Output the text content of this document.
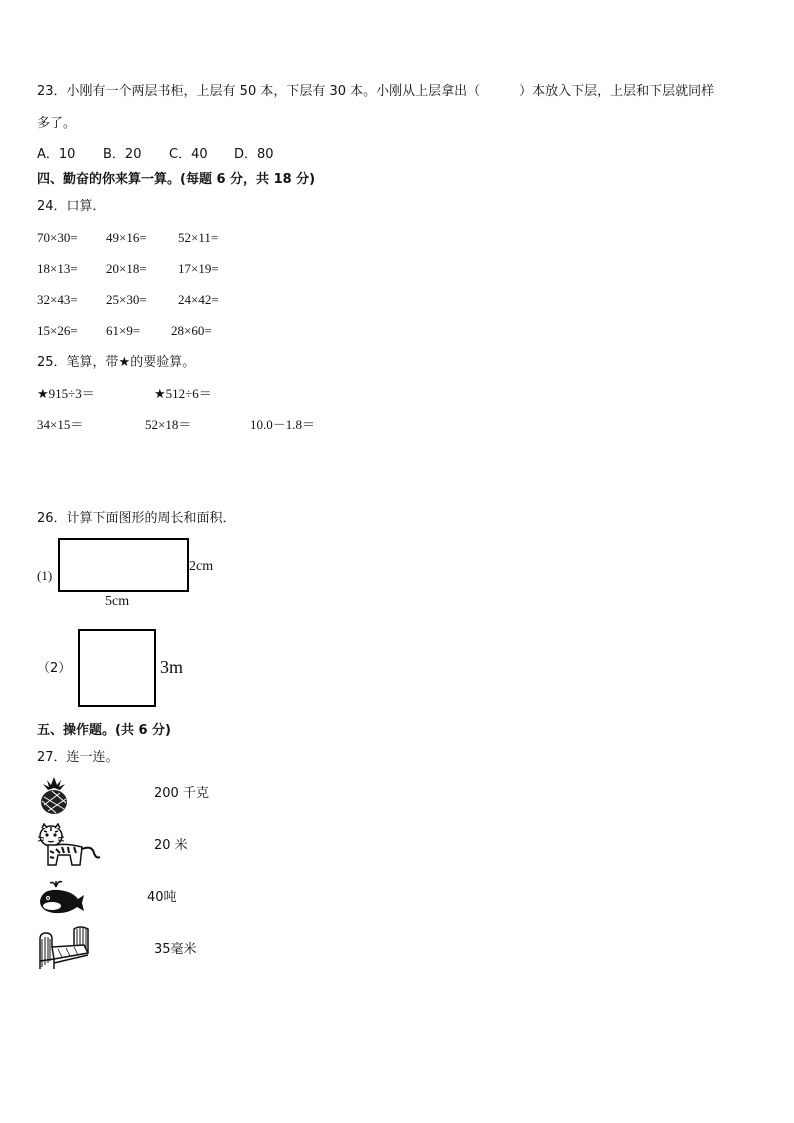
23．小刚有一个两层书柜，上层有 50 本，下层有 30 本。小刚从上层拿出（　　　）本放入下层，上层和下层就同样
多了。
A．10 B．20 C．40 D．80
四、勤奋的你来算一算。(每题 6 分，共 18 分)
24．口算．
70×30= 49×16= 52×11=
18×13= 20×18= 17×19=
32×43= 25×30= 24×42=
15×26= 61×9= 28×60=
25．笔算，带★的要验算。
★915÷3＝	★512÷6＝
34×15＝	52×18＝	10.0－1.8＝
26．计算下面图形的周长和面积．
(1)
2cm
5cm
（2）	3m
五、操作题。(共 6 分)
27．连一连。
200 千克
20 米
40吨
35毫米
